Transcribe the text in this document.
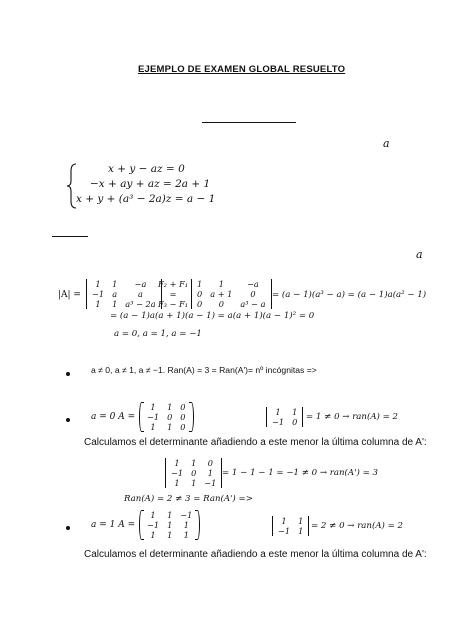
EJEMPLO DE EXAMEN GLOBAL RESUELTO
a
x + y − az = 0
−x + ay + az = 2a + 1
x + y + (a³ − 2a)z = a − 1
a
|A| =
1	1	−a
−1	a	a
1	1	a³ − 2a
F₂ + F₁
=
F₃ − F₁
1	1	−a
0	a + 1	0
0	0	a³ − a
= (a − 1)(a³ − a) = (a − 1)a(a² − 1)
= (a − 1)a(a + 1)(a − 1) = a(a + 1)(a − 1)² = 0
a = 0, a = 1, a = −1
a ≠ 0, a ≠ 1, a ≠ −1. Ran(A) = 3 = Ran(A')= nº incógnitas =>
a = 0 A =
1	1	0
−1	0	0
1	1	0
1	1
−1	0 = 1 ≠ 0 → ran(A) = 2
Calculamos el determinante añadiendo a este menor la última columna de A':
1	1	0
−1	0	1
1	1	−1
= 1 − 1 − 1 = −1 ≠ 0 → ran(A') = 3
Ran(A) = 2 ≠ 3 = Ran(A') =>
a = 1 A =
1	1	−1
−1	1	1
1	1	1
1	1
−1	1 = 2 ≠ 0 → ran(A) = 2
Calculamos el determinante añadiendo a este menor la última columna de A':
